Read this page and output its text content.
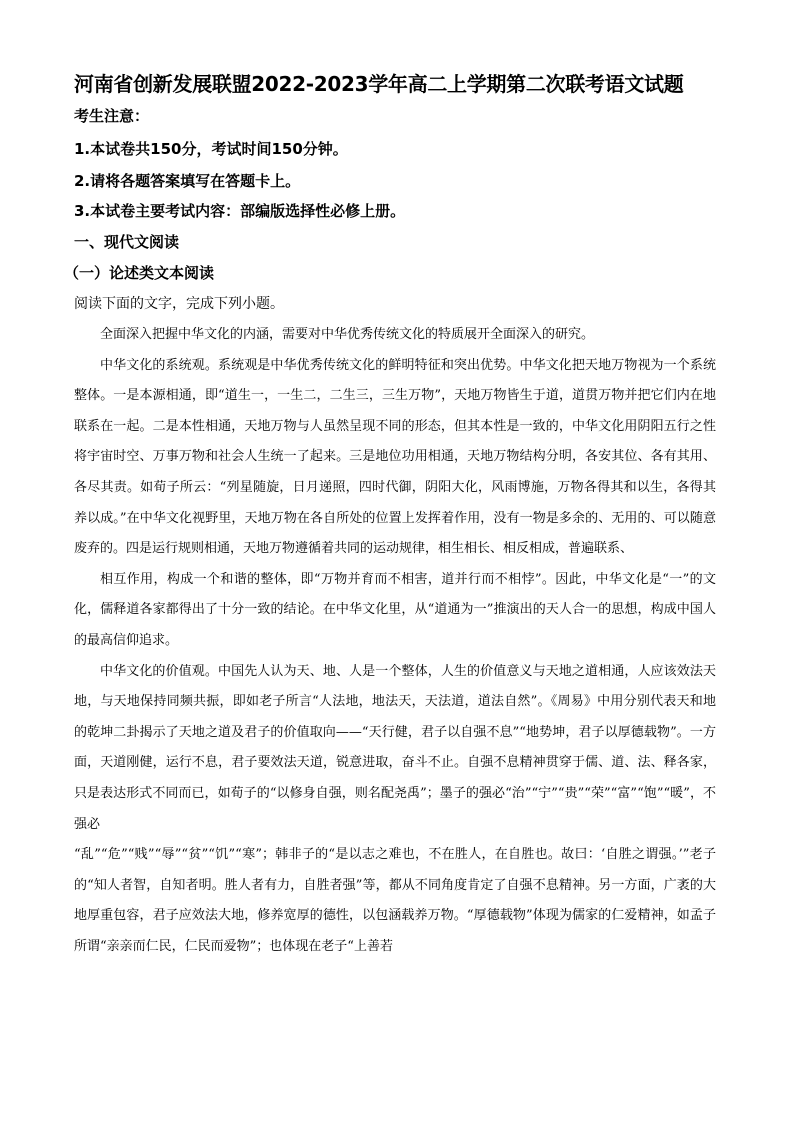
河南省创新发展联盟2022-2023学年高二上学期第二次联考语文试题
考生注意：
1.本试卷共150分，考试时间150分钟。
2.请将各题答案填写在答题卡上。
3.本试卷主要考试内容：部编版选择性必修上册。
一、现代文阅读
（一）论述类文本阅读
阅读下面的文字，完成下列小题。

全面深入把握中华文化的内涵，需要对中华优秀传统文化的特质展开全面深入的研究。

中华文化的系统观。系统观是中华优秀传统文化的鲜明特征和突出优势。中华文化把天地万物视为一个系统整体。一是本源相通，即“道生一，一生二，二生三，三生万物”，天地万物皆生于道，道贯万物并把它们内在地联系在一起。二是本性相通，天地万物与人虽然呈现不同的形态，但其本性是一致的，中华文化用阴阳五行之性将宇宙时空、万事万物和社会人生统一了起来。三是地位功用相通，天地万物结构分明，各安其位、各有其用、各尽其责。如荀子所云：“列星随旋，日月递照，四时代御，阴阳大化，风雨博施，万物各得其和以生，各得其养以成。”在中华文化视野里，天地万物在各自所处的位置上发挥着作用，没有一物是多余的、无用的、可以随意废弃的。四是运行规则相通，天地万物遵循着共同的运动规律，相生相长、相反相成，普遍联系、

相互作用，构成一个和谐的整体，即“万物并育而不相害，道并行而不相悖”。因此，中华文化是“一”的文化，儒释道各家都得出了十分一致的结论。在中华文化里，从“道通为一”推演出的天人合一的思想，构成中国人的最高信仰追求。

中华文化的价值观。中国先人认为天、地、人是一个整体，人生的价值意义与天地之道相通，人应该效法天地，与天地保持同频共振，即如老子所言“人法地，地法天，天法道，道法自然”。《周易》中用分别代表天和地的乾坤二卦揭示了天地之道及君子的价值取向——“天行健，君子以自强不息”“地势坤，君子以厚德载物”。一方面，天道刚健，运行不息，君子要效法天道，锐意进取，奋斗不止。自强不息精神贯穿于儒、道、法、释各家，只是表达形式不同而已，如荀子的“以修身自强，则名配尧禹”；墨子的强必“治”“宁”“贵”“荣”“富”“饱”“暖”，不强必

“乱”“危”“贱”“辱”“贫”“饥”“寒”；韩非子的“是以志之难也，不在胜人，在自胜也。故曰：‘自胜之谓强。’”老子的“知人者智，自知者明。胜人者有力，自胜者强”等，都从不同角度肯定了自强不息精神。另一方面，广袤的大地厚重包容，君子应效法大地，修养宽厚的德性，以包涵载养万物。“厚德载物”体现为儒家的仁爱精神，如孟子所谓“亲亲而仁民，仁民而爱物”；也体现在老子“上善若
